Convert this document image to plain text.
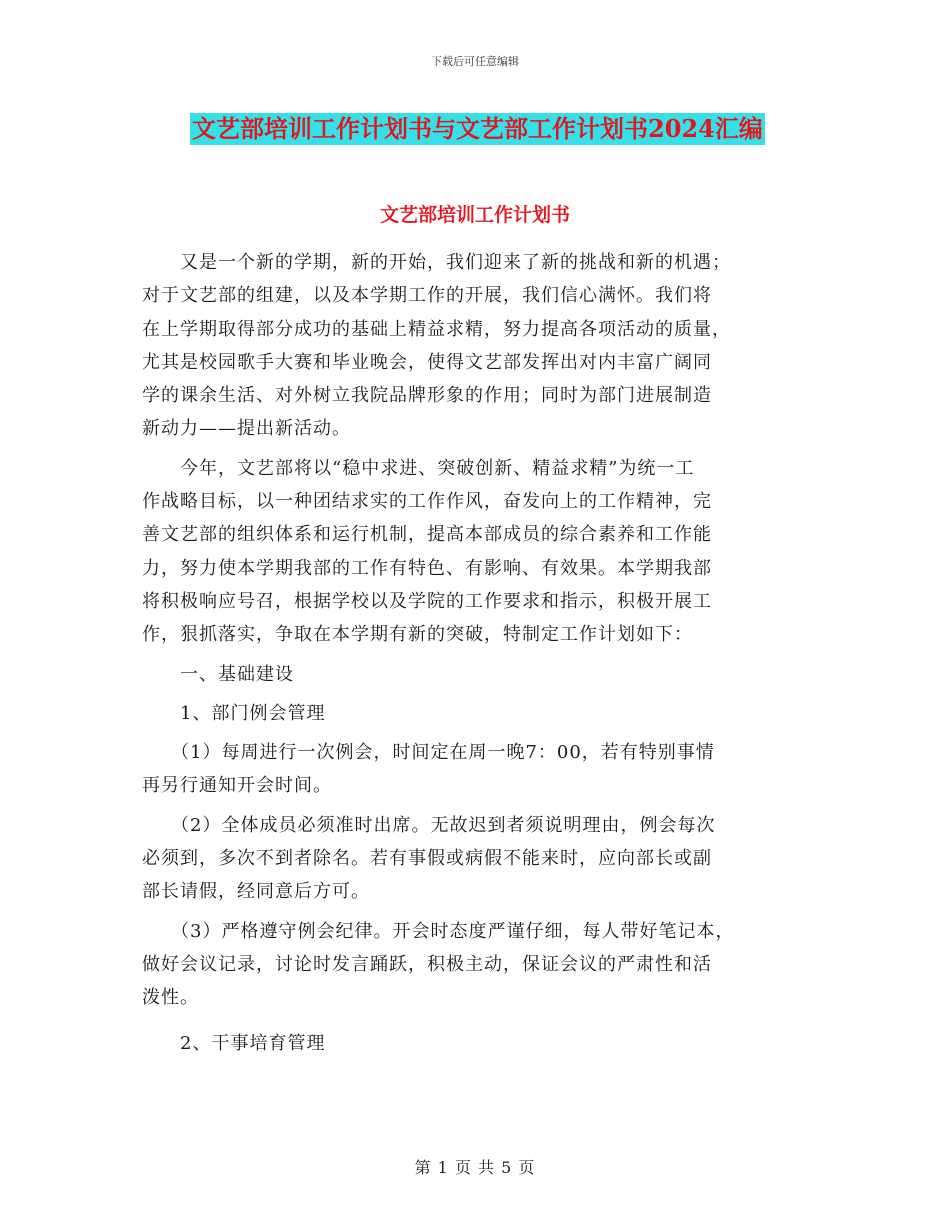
下载后可任意编辑
文艺部培训工作计划书与文艺部工作计划书2024汇编
文艺部培训工作计划书
　　又是一个新的学期，新的开始，我们迎来了新的挑战和新的机遇；
对于文艺部的组建，以及本学期工作的开展，我们信心满怀。我们将
在上学期取得部分成功的基础上精益求精，努力提高各项活动的质量，
尤其是校园歌手大赛和毕业晚会，使得文艺部发挥出对内丰富广阔同
学的课余生活、对外树立我院品牌形象的作用；同时为部门进展制造
新动力——提出新活动。
　　今年，文艺部将以“稳中求进、突破创新、精益求精”为统一工
作战略目标，以一种团结求实的工作作风，奋发向上的工作精神，完
善文艺部的组织体系和运行机制，提高本部成员的综合素养和工作能
力，努力使本学期我部的工作有特色、有影响、有效果。本学期我部
将积极响应号召，根据学校以及学院的工作要求和指示，积极开展工
作，狠抓落实，争取在本学期有新的突破，特制定工作计划如下：
　　一、基础建设
　　1、部门例会管理
　　（1）每周进行一次例会，时间定在周一晚7：00，若有特别事情
再另行通知开会时间。
　　（2）全体成员必须准时出席。无故迟到者须说明理由，例会每次
必须到，多次不到者除名。若有事假或病假不能来时，应向部长或副
部长请假，经同意后方可。
　　（3）严格遵守例会纪律。开会时态度严谨仔细，每人带好笔记本，
做好会议记录，讨论时发言踊跃，积极主动，保证会议的严肃性和活
泼性。
　　2、干事培育管理
第 1 页 共 5 页
